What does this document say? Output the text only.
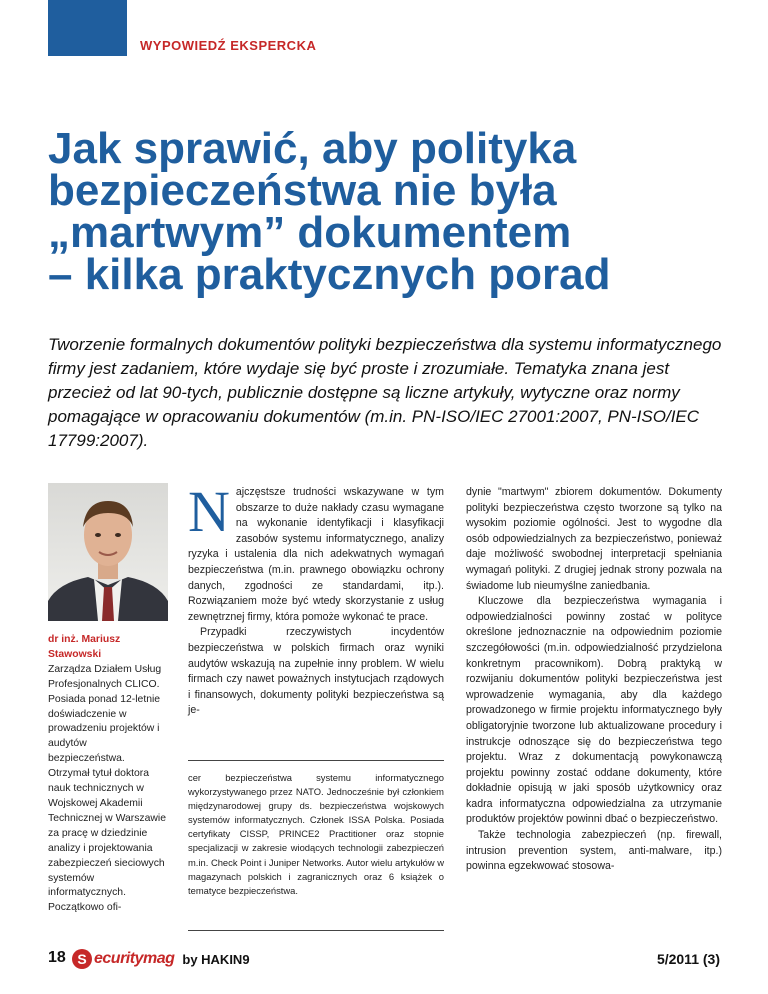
WYPOWIEDŹ EKSPERCKA
Jak sprawić, aby polityka
bezpieczeństwa nie była
„martwym” dokumentem
– kilka praktycznych porad
Tworzenie formalnych dokumentów polityki bezpieczeństwa dla systemu informatycznego firmy jest zadaniem, które wydaje się być proste i zrozumiałe. Tematyka znana jest przecież od lat 90-tych, publicznie dostępne są liczne artykuły, wytyczne oraz normy pomagające w opracowaniu dokumentów (m.in. PN-ISO/IEC 27001:2007, PN-ISO/IEC 17799:2007).
dr inż. Mariusz Stawowski
Zarządza Działem Usług Profesjonalnych CLICO. Posiada ponad 12-letnie doświadczenie w prowadzeniu projektów i audytów bezpieczeństwa. Otrzymał tytuł doktora nauk technicznych w Wojskowej Akademii Technicznej w Warszawie za pracę w dziedzinie analizy i projektowania zabezpieczeń sieciowych systemów informatycznych. Początkowo ofi-
N ajczęstsze trudności wskazywane w tym obszarze to duże nakłady czasu wymagane na wykonanie identyfikacji i klasyfikacji zasobów systemu informatycznego, analizy ryzyka i ustalenia dla nich adekwatnych wymagań bezpieczeństwa (m.in. prawnego obowiązku ochrony danych, zgodności ze standardami, itp.). Rozwiązaniem może być wtedy skorzystanie z usług zewnętrznej firmy, która pomoże wykonać te prace.

Przypadki rzeczywistych incydentów bezpieczeństwa w polskich firmach oraz wyniki audytów wskazują na zupełnie inny problem. W wielu firmach czy nawet poważnych instytucjach rządowych i finansowych, dokumenty polityki bezpieczeństwa są je-

cer bezpieczeństwa systemu informatycznego wykorzystywanego przez NATO. Jednocześnie był członkiem międzynarodowej grupy ds. bezpieczeństwa wojskowych systemów informatycznych. Członek ISSA Polska. Posiada certyfikaty CISSP, PRINCE2 Practitioner oraz stopnie specjalizacji w zakresie wiodących technologii zabezpieczeń m.in. Check Point i Juniper Networks. Autor wielu artykułów w magazynach polskich i zagranicznych oraz 6 książek o tematyce bezpieczeństwa.

dynie "martwym" zbiorem dokumentów. Dokumenty polityki bezpieczeństwa często tworzone są tylko na wysokim poziomie ogólności. Jest to wygodne dla osób odpowiedzialnych za bezpieczeństwo, ponieważ daje możliwość swobodnej interpretacji spełniania wymagań polityki. Z drugiej jednak strony pozwala na świadome lub nieumyślne zaniedbania.

Kluczowe dla bezpieczeństwa wymagania i odpowiedzialności powinny zostać w polityce określone jednoznacznie na odpowiednim poziomie szczegółowości (m.in. odpowiedzialność przydzielona konkretnym pracownikom). Dobrą praktyką w rozwijaniu dokumentów polityki bezpieczeństwa jest wprowadzenie wymagania, aby dla każdego prowadzonego w firmie projektu informatycznego były obligatoryjnie tworzone lub aktualizowane procedury i instrukcje odnoszące się do bezpieczeństwa tego projektu. Wraz z dokumentacją powykonawczą projektu powinny zostać oddane dokumenty, które dokładnie opisują w jaki sposób użytkownicy oraz kadra informatyczna odpowiedzialna za utrzymanie produktów projektów powinni dbać o bezpieczeństwo.

Także technologia zabezpieczeń (np. firewall, intrusion prevention system, anti-malware, itp.) powinna egzekwować stosowa-

18 S ecuritymag by HAKIN9	5/2011 (3)
